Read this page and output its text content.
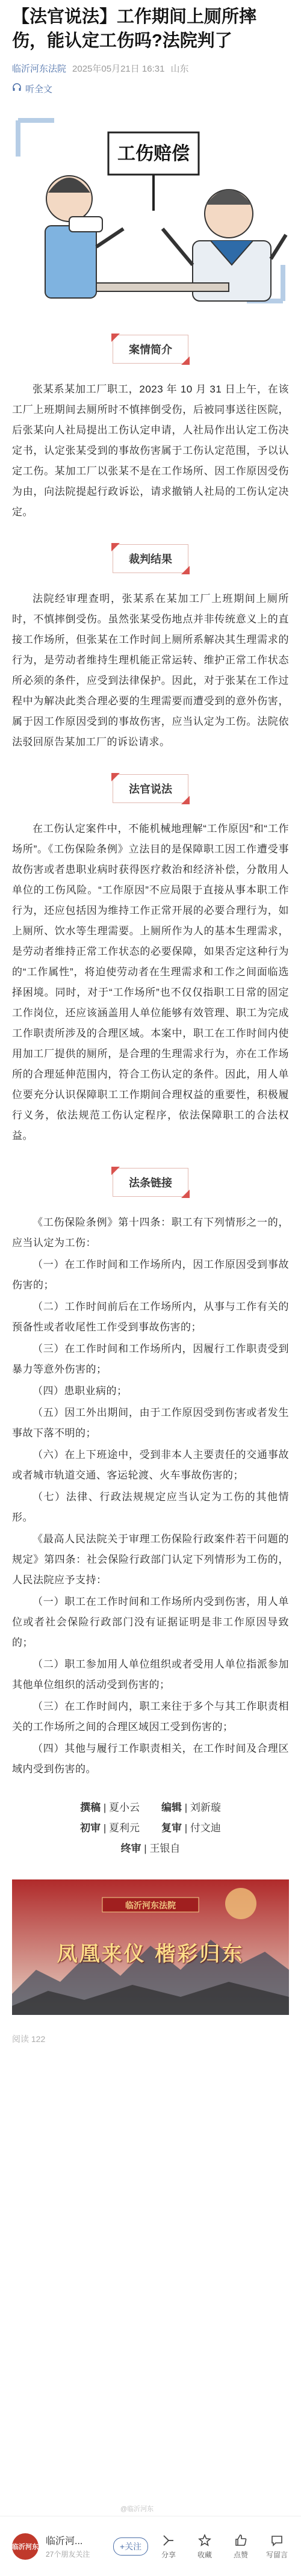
【法官说法】工作期间上厕所摔伤，能认定工伤吗?法院判了
临沂河东法院 2025年05月21日 16:31 山东
听全文
工伤赔偿
案情简介

张某系某加工厂职工，2023 年 10 月 31 日上午，在该工厂上班期间去厕所时不慎摔倒受伤，后被同事送往医院，后张某向人社局提出工伤认定申请，人社局作出认定工伤决定书，认定张某受到的事故伤害属于工伤认定范围，予以认定工伤。某加工厂以张某不是在工作场所、因工作原因受伤为由，向法院提起行政诉讼，请求撤销人社局的工伤认定决定。

裁判结果

法院经审理查明，张某系在某加工厂上班期间上厕所时，不慎摔倒受伤。虽然张某受伤地点并非传统意义上的直接工作场所，但张某在工作时间上厕所系解决其生理需求的行为，是劳动者维持生理机能正常运转、维护正常工作状态所必须的条件，应受到法律保护。因此，对于张某在工作过程中为解决此类合理必要的生理需要而遭受到的意外伤害，属于因工作原因受到的事故伤害，应当认定为工伤。法院依法驳回原告某加工厂的诉讼请求。

法官说法

在工伤认定案件中，不能机械地理解“工作原因”和“工作场所”。《工伤保险条例》立法目的是保障职工因工作遭受事故伤害或者患职业病时获得医疗救治和经济补偿，分散用人单位的工伤风险。“工作原因”不应局限于直接从事本职工作行为，还应包括因为维持工作正常开展的必要合理行为，如上厕所、饮水等生理需要。上厕所作为人的基本生理需求，是劳动者维持正常工作状态的必要保障，如果否定这种行为的“工作属性”，将迫使劳动者在生理需求和工作之间面临选择困境。同时，对于“工作场所”也不仅仅指职工日常的固定工作岗位，还应该涵盖用人单位能够有效管理、职工为完成工作职责所涉及的合理区域。本案中，职工在工作时间内使用加工厂提供的厕所，是合理的生理需求行为，亦在工作场所的合理延伸范围内，符合工伤认定的条件。因此，用人单位要充分认识保障职工工作期间合理权益的重要性，积极履行义务，依法规范工伤认定程序，依法保障职工的合法权益。

法条链接

《工伤保险条例》第十四条：职工有下列情形之一的，应当认定为工伤：

（一）在工作时间和工作场所内，因工作原因受到事故伤害的；

（二）工作时间前后在工作场所内，从事与工作有关的预备性或者收尾性工作受到事故伤害的；

（三）在工作时间和工作场所内，因履行工作职责受到暴力等意外伤害的；

（四）患职业病的；

（五）因工外出期间，由于工作原因受到伤害或者发生事故下落不明的；

（六）在上下班途中，受到非本人主要责任的交通事故或者城市轨道交通、客运轮渡、火车事故伤害的；

（七）法律、行政法规规定应当认定为工伤的其他情形。

《最高人民法院关于审理工伤保险行政案件若干问题的规定》第四条：社会保险行政部门认定下列情形为工伤的，人民法院应予支持：

（一）职工在工作时间和工作场所内受到伤害，用人单位或者社会保险行政部门没有证据证明是非工作原因导致的；

（二）职工参加用人单位组织或者受用人单位指派参加其他单位组织的活动受到伤害的；

（三）在工作时间内，职工来往于多个与其工作职责相关的工作场所之间的合理区域因工受到伤害的；

（四）其他与履行工作职责相关，在工作时间及合理区域内受到伤害的。

撰稿 | 夏小云 编辑 | 刘新璇
初审 | 夏利元 复审 | 付文迪
终审 | 王银自
临沂河东法院
凤凰来仪 楷彩归东
阅读 122
@临沂河东
临沂河东
临沂河...
27个朋友关注
+关注
分享	收藏	点赞 写留言
